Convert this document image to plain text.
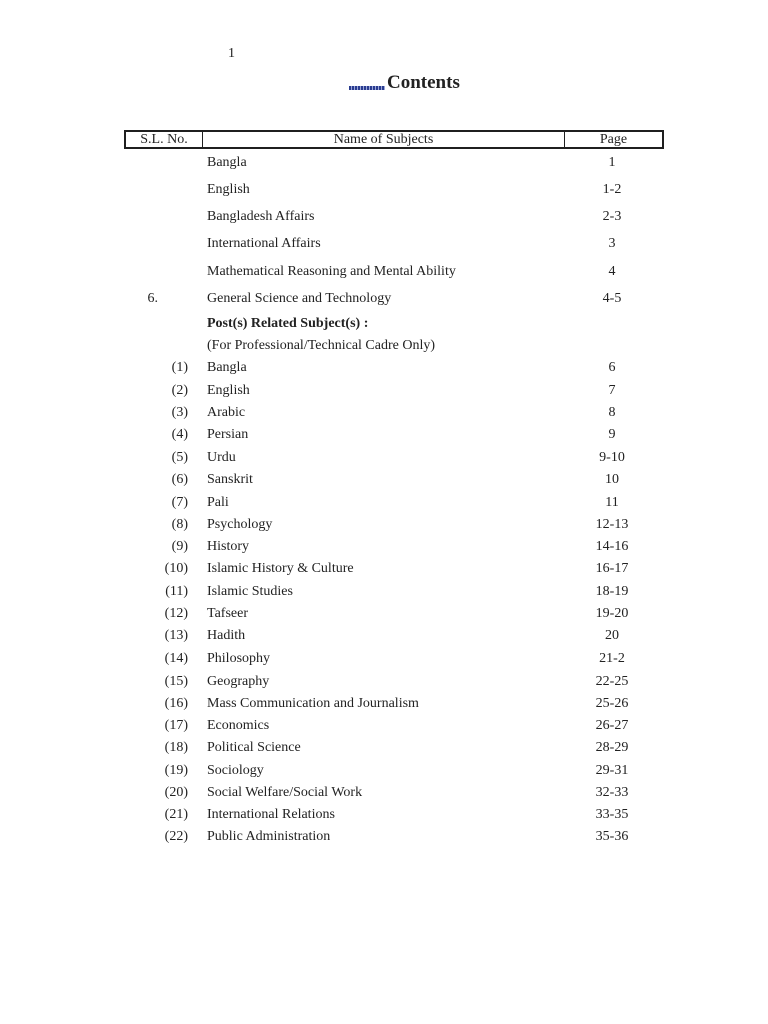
1
Contents
S.L. No.	Name of Subjects	Page
Bangla	1
English	1-2
Bangladesh Affairs	2-3
International Affairs	3
Mathematical Reasoning and Mental Ability	4
6.	General Science and Technology	4-5
Post(s) Related Subject(s) :
(For Professional/Technical Cadre Only)
(1) Bangla	6
(2) English	7
(3) Arabic	8
(4) Persian	9
(5) Urdu	9-10
(6) Sanskrit	10
(7) Pali	11
(8) Psychology	12-13
(9) History	14-16
(10) Islamic History & Culture	16-17
(11) Islamic Studies	18-19
(12) Tafseer	19-20
(13) Hadith	20
(14) Philosophy	21-2
(15) Geography	22-25
(16) Mass Communication and Journalism	25-26
(17) Economics	26-27
(18) Political Science	28-29
(19) Sociology	29-31
(20) Social Welfare/Social Work	32-33
(21) International Relations	33-35
(22) Public Administration	35-36
